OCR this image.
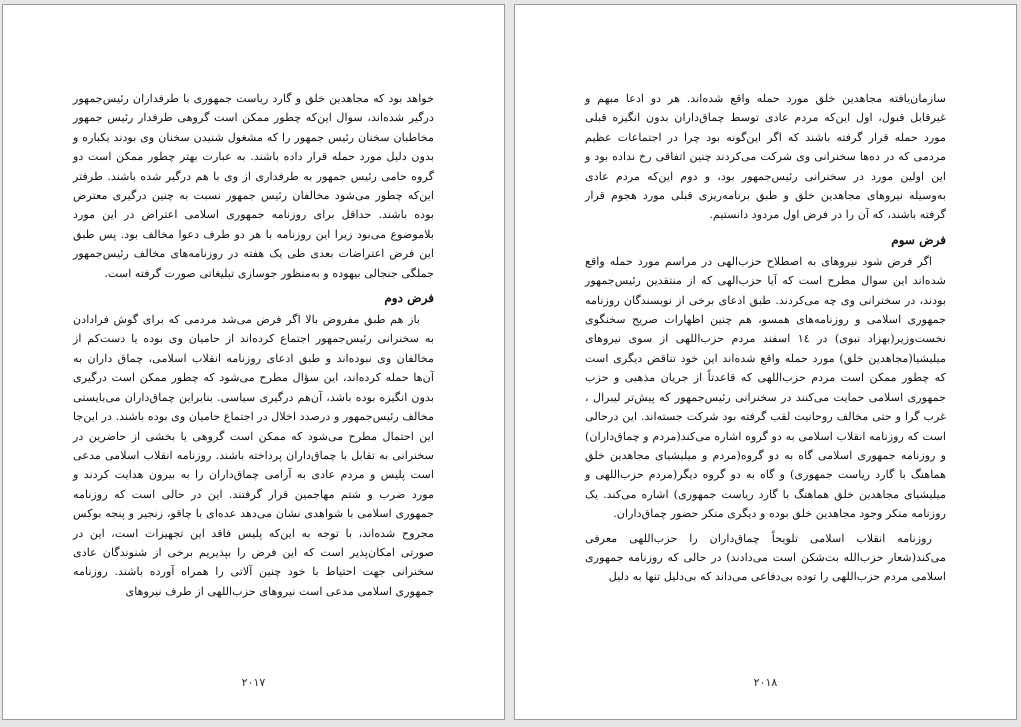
خواهد بود که مجاهدین خلق و گارد ریاست جمهوری با طرفداران رئیس‌جمهور درگیر شده‌اند، سوال این‌که چطور ممکن است گروهی طرفدار رئیس جمهور مخاطبان سخنان رئیس جمهور را که مشغول شنیدن سخنان وی بودند یکباره و بدون دلیل مورد حمله قرار داده باشند. به عبارت بهتر چطور ممکن است دو گروه حامی رئیس جمهور به طرفداری از وی با هم درگیر شده باشند. طرفتر این‌که چطور می‌شود مخالفان رئیس جمهور نسبت به چنین درگیری معترض بوده باشند. حداقل برای روزنامه جمهوری اسلامی اعتراض در این مورد بلاموضوع می‌بود زیرا این روزنامه با هر دو طرف دعوا مخالف بود. پس طبق این فرض اعتراضات بعدی طی یک هفته در روزنامه‌های مخالف رئیس‌جمهور جملگی جنجالی بیهوده و به‌منظور جوسازی تبلیغاتی صورت گرفته است.

فرض دوم

باز هم طبق مفروض بالا اگر فرض می‌شد مردمی که برای گوش فرادادن به سخنرانی رئیس‌جمهور اجتماع کرده‌اند از حامیان وی بوده یا دست‌کم از مخالفان وی نبوده‌اند و طبق ادعای روزنامه انقلاب اسلامی، چماق داران به آن‌ها حمله کرده‌اند، این سؤال مطرح می‌شود که چطور ممکن است درگیری بدون انگیزه بوده باشد، آن‌هم درگیری سیاسی. بنابراین چماق‌داران می‌بایستی مخالف رئیس‌جمهور و درصدد اخلال در اجتماع حامیان وی بوده باشند. در این‌جا این احتمال مطرح می‌شود که ممکن است گروهی یا بخشی از حاضرین در سخنرانی به تقابل با چماق‌داران پرداخته باشند. روزنامه انقلاب اسلامی مدعی است پلیس و مردم عادی به آرامی چماق‌داران را به بیرون هدایت کردند و مورد ضرب و شتم مهاجمین قرار گرفتند. این در حالی است که روزنامه جمهوری اسلامی با شواهدی نشان می‌دهد عده‌ای با چاقو، زنجیر و پنجه بوکس مجروح شده‌اند، با توجه به این‌که پلیس فاقد این تجهیزات است، این در صورتی امکان‌پذیر است که این فرض را بپذیریم برخی از شنوندگان عادی سخنرانی جهت احتیاط با خود چنین آلاتی را همراه آورده باشند. روزنامه جمهوری اسلامی مدعی است نیروهای حزب‌اللهی از طرف نیروهای

۲۰۱۷

سازمان‌یافته مجاهدین خلق مورد حمله واقع شده‌اند. هر دو ادعا مبهم و غیرقابل قبول، اول این‌که مردم عادی توسط چماق‌داران بدون انگیزه قبلی مورد حمله قرار گرفته باشند که اگر این‌گونه بود چرا در اجتماعات عظیم مردمی که در ده‌ها سخنرانی وی شرکت می‌کردند چنین اتفاقی رخ نداده بود و این اولین مورد در سخنرانی رئیس‌جمهور بود، و دوم این‌که مردم عادی به‌وسیله نیروهای مجاهدین خلق و طبق برنامه‌ریزی قبلی مورد هجوم قرار گرفته باشند، که آن را در فرض اول مردود دانستیم.

فرض سوم

اگر فرض شود نیروهای به اصطلاح حزب‌الهی در مراسم مورد حمله واقع شده‌اند این سوال مطرح است که آیا حزب‌الهی که از منتقدین رئیس‌جمهور بودند، در سخنرانی وی چه می‌کردند. طبق ادعای برخی از نویسندگان روزنامه جمهوری اسلامی و روزنامه‌های همسو، هم چنین اظهارات صریح سخنگوی نخست‌وزیر(بهزاد نبوی) در ١٤ اسفند مردم حزب‌اللهی از سوی نیروهای میلیشیا(مجاهدین خلق) مورد حمله واقع شده‌اند این خود تناقض دیگری است که چطور ممکن است مردم حزب‌اللهی که قاعدتاً از جریان مذهبی و حزب جمهوری اسلامی حمایت می‌کنند در سخنرانی رئیس‌جمهور که پیش‌تر لیبرال ، غرب گرا و حتی مخالف روحانیت لقب گرفته بود شرکت جسته‌اند. این درحالی است که روزنامه انقلاب اسلامی به دو گروه اشاره می‌کند(مردم و چماق‌داران) و روزنامه جمهوری اسلامی گاه به دو گروه(مردم و میلیشیای مجاهدین خلق هماهنگ با گارد ریاست جمهوری) و گاه به دو گروه دیگر(مردم حزب‌اللهی و میلیشیای مجاهدین خلق هماهنگ با گارد ریاست جمهوری) اشاره می‌کند. یک روزنامه منکر وجود مجاهدین خلق بوده و دیگری منکر حضور چماق‌داران.

روزنامه انقلاب اسلامی تلویحاً چماق‌داران را حزب‌اللهی معرفی می‌کند(شعار حزب‌الله بت‌شکن است می‌دادند) در حالی که روزنامه جمهوری اسلامی مردم حزب‌اللهی را توده بی‌دفاعی می‌داند که بی‌دلیل تنها به دلیل

۲۰۱۸
